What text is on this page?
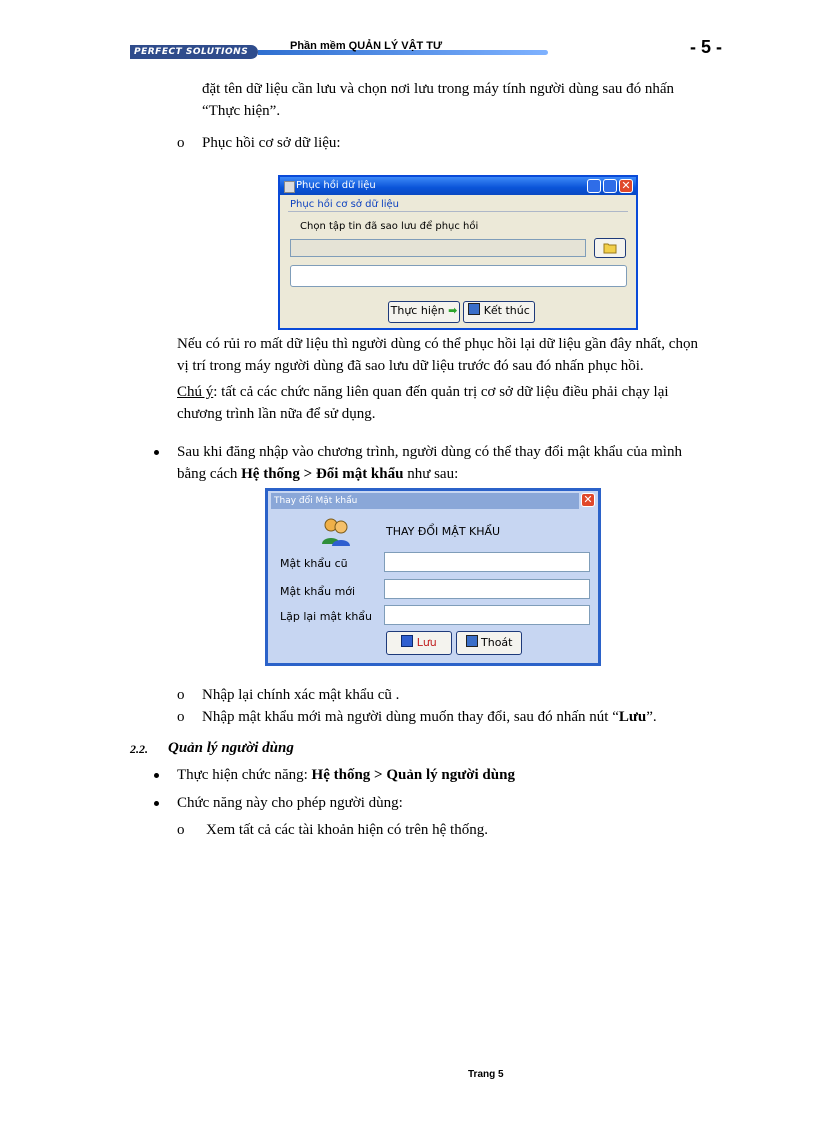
PERFECT SOLUTIONS	Phần mềm QUẢN LÝ VẬT TƯ	- 5 -
đặt tên dữ liệu cần lưu và chọn nơi lưu trong máy tính người dùng sau đó nhấn
“Thực hiện”.
o Phục hồi cơ sở dữ liệu:
Phục hồi dữ liệu	✕
Phục hồi cơ sở dữ liệu
Chọn tập tin đã sao lưu để phục hồi
Thực hiện ➡	Kết thúc
Nếu có rủi ro mất dữ liệu thì người dùng có thể phục hồi lại dữ liệu gần đây nhất, chọn
vị trí trong máy người dùng đã sao lưu dữ liệu trước đó sau đó nhấn phục hồi.
Chú ý: tất cả các chức năng liên quan đến quản trị cơ sở dữ liệu điều phải chạy lại
chương trình lần nữa để sử dụng.
Sau khi đăng nhập vào chương trình, người dùng có thể thay đổi mật khẩu của mình
bằng cách Hệ thống > Đổi mật khẩu như sau:
Thay đổi Mật khẩu	✕
THAY ĐỔI MẬT KHẨU
Mật khẩu cũ
Mật khẩu mới
Lặp lại mật khẩu
Lưu	Thoát
o Nhập lại chính xác mật khẩu cũ .
o Nhập mật khẩu mới mà người dùng muốn thay đổi, sau đó nhấn nút “Lưu”.
2.2. Quản lý người dùng
Thực hiện chức năng: Hệ thống > Quản lý người dùng
Chức năng này cho phép người dùng:
o Xem tất cả các tài khoản hiện có trên hệ thống.
Trang 5
